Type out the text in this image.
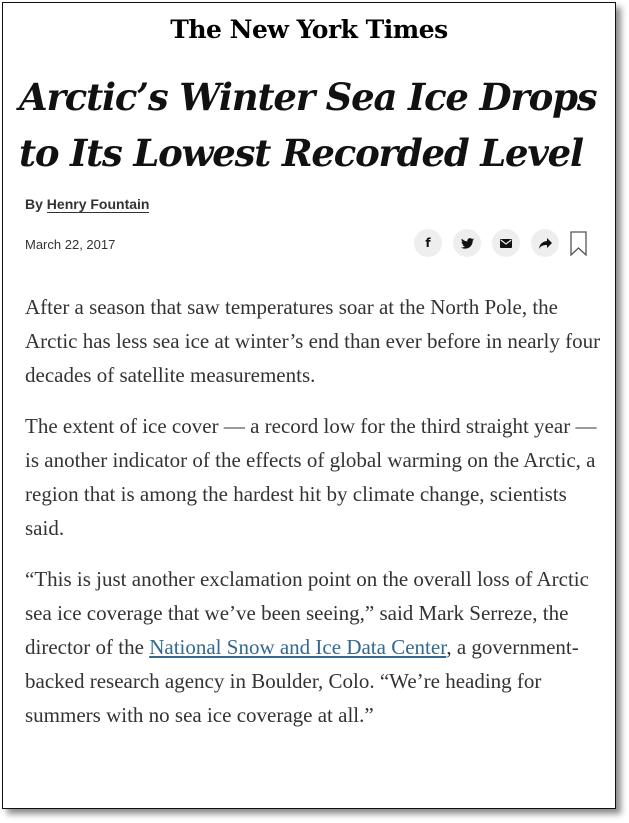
The New York Times
Arctic’s Winter Sea Ice Drops
to Its Lowest Recorded Level
By Henry Fountain
March 22, 2017	f

After a season that saw temperatures soar at the North Pole, the Arctic has less sea ice at winter’s end than ever before in nearly four decades of satellite measurements.

The extent of ice cover — a record low for the third straight year — is another indicator of the effects of global warming on the Arctic, a region that is among the hardest hit by climate change, scientists said.

“This is just another exclamation point on the overall loss of Arctic sea ice coverage that we’ve been seeing,” said Mark Serreze, the director of the National Snow and Ice Data Center, a government-backed research agency in Boulder, Colo. “We’re heading for summers with no sea ice coverage at all.”
